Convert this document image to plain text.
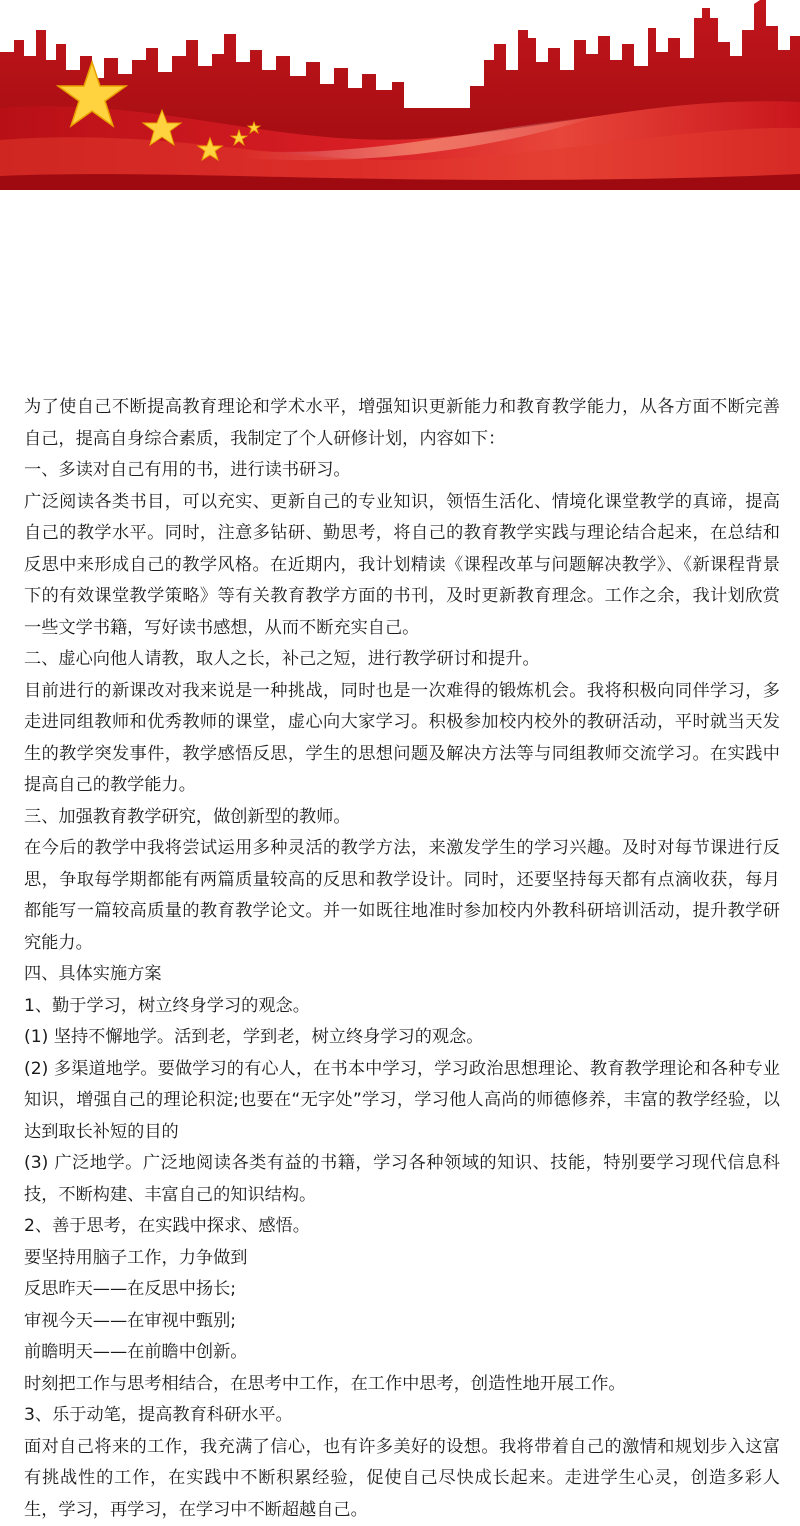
为了使自己不断提高教育理论和学术水平，增强知识更新能力和教育教学能力，从各方面不断完善自己，提高自身综合素质，我制定了个人研修计划，内容如下：

一、多读对自己有用的书，进行读书研习。

广泛阅读各类书目，可以充实、更新自己的专业知识，领悟生活化、情境化课堂教学的真谛，提高自己的教学水平。同时，注意多钻研、勤思考，将自己的教育教学实践与理论结合起来，在总结和反思中来形成自己的教学风格。在近期内，我计划精读《课程改革与问题解决教学》、《新课程背景下的有效课堂教学策略》等有关教育教学方面的书刊，及时更新教育理念。工作之余，我计划欣赏一些文学书籍，写好读书感想，从而不断充实自己。

二、虚心向他人请教，取人之长，补己之短，进行教学研讨和提升。

目前进行的新课改对我来说是一种挑战，同时也是一次难得的锻炼机会。我将积极向同伴学习，多走进同组教师和优秀教师的课堂，虚心向大家学习。积极参加校内校外的教研活动，平时就当天发生的教学突发事件，教学感悟反思，学生的思想问题及解决方法等与同组教师交流学习。在实践中提高自己的教学能力。

三、加强教育教学研究，做创新型的教师。

在今后的教学中我将尝试运用多种灵活的教学方法，来激发学生的学习兴趣。及时对每节课进行反思，争取每学期都能有两篇质量较高的反思和教学设计。同时，还要坚持每天都有点滴收获，每月都能写一篇较高质量的教育教学论文。并一如既往地准时参加校内外教科研培训活动，提升教学研究能力。

四、具体实施方案

1、勤于学习，树立终身学习的观念。

(1) 坚持不懈地学。活到老，学到老，树立终身学习的观念。

(2) 多渠道地学。要做学习的有心人，在书本中学习，学习政治思想理论、教育教学理论和各种专业知识，增强自己的理论积淀;也要在“无字处”学习，学习他人高尚的师德修养，丰富的教学经验，以达到取长补短的目的

(3) 广泛地学。广泛地阅读各类有益的书籍，学习各种领域的知识、技能，特别要学习现代信息科技，不断构建、丰富自己的知识结构。

2、善于思考，在实践中探求、感悟。

要坚持用脑子工作，力争做到

反思昨天——在反思中扬长;

审视今天——在审视中甄别;

前瞻明天——在前瞻中创新。

时刻把工作与思考相结合，在思考中工作，在工作中思考，创造性地开展工作。

3、乐于动笔，提高教育科研水平。

面对自己将来的工作，我充满了信心，也有许多美好的设想。我将带着自己的激情和规划步入这富有挑战性的工作，在实践中不断积累经验，促使自己尽快成长起来。走进学生心灵，创造多彩人生，学习，再学习，在学习中不断超越自己。
